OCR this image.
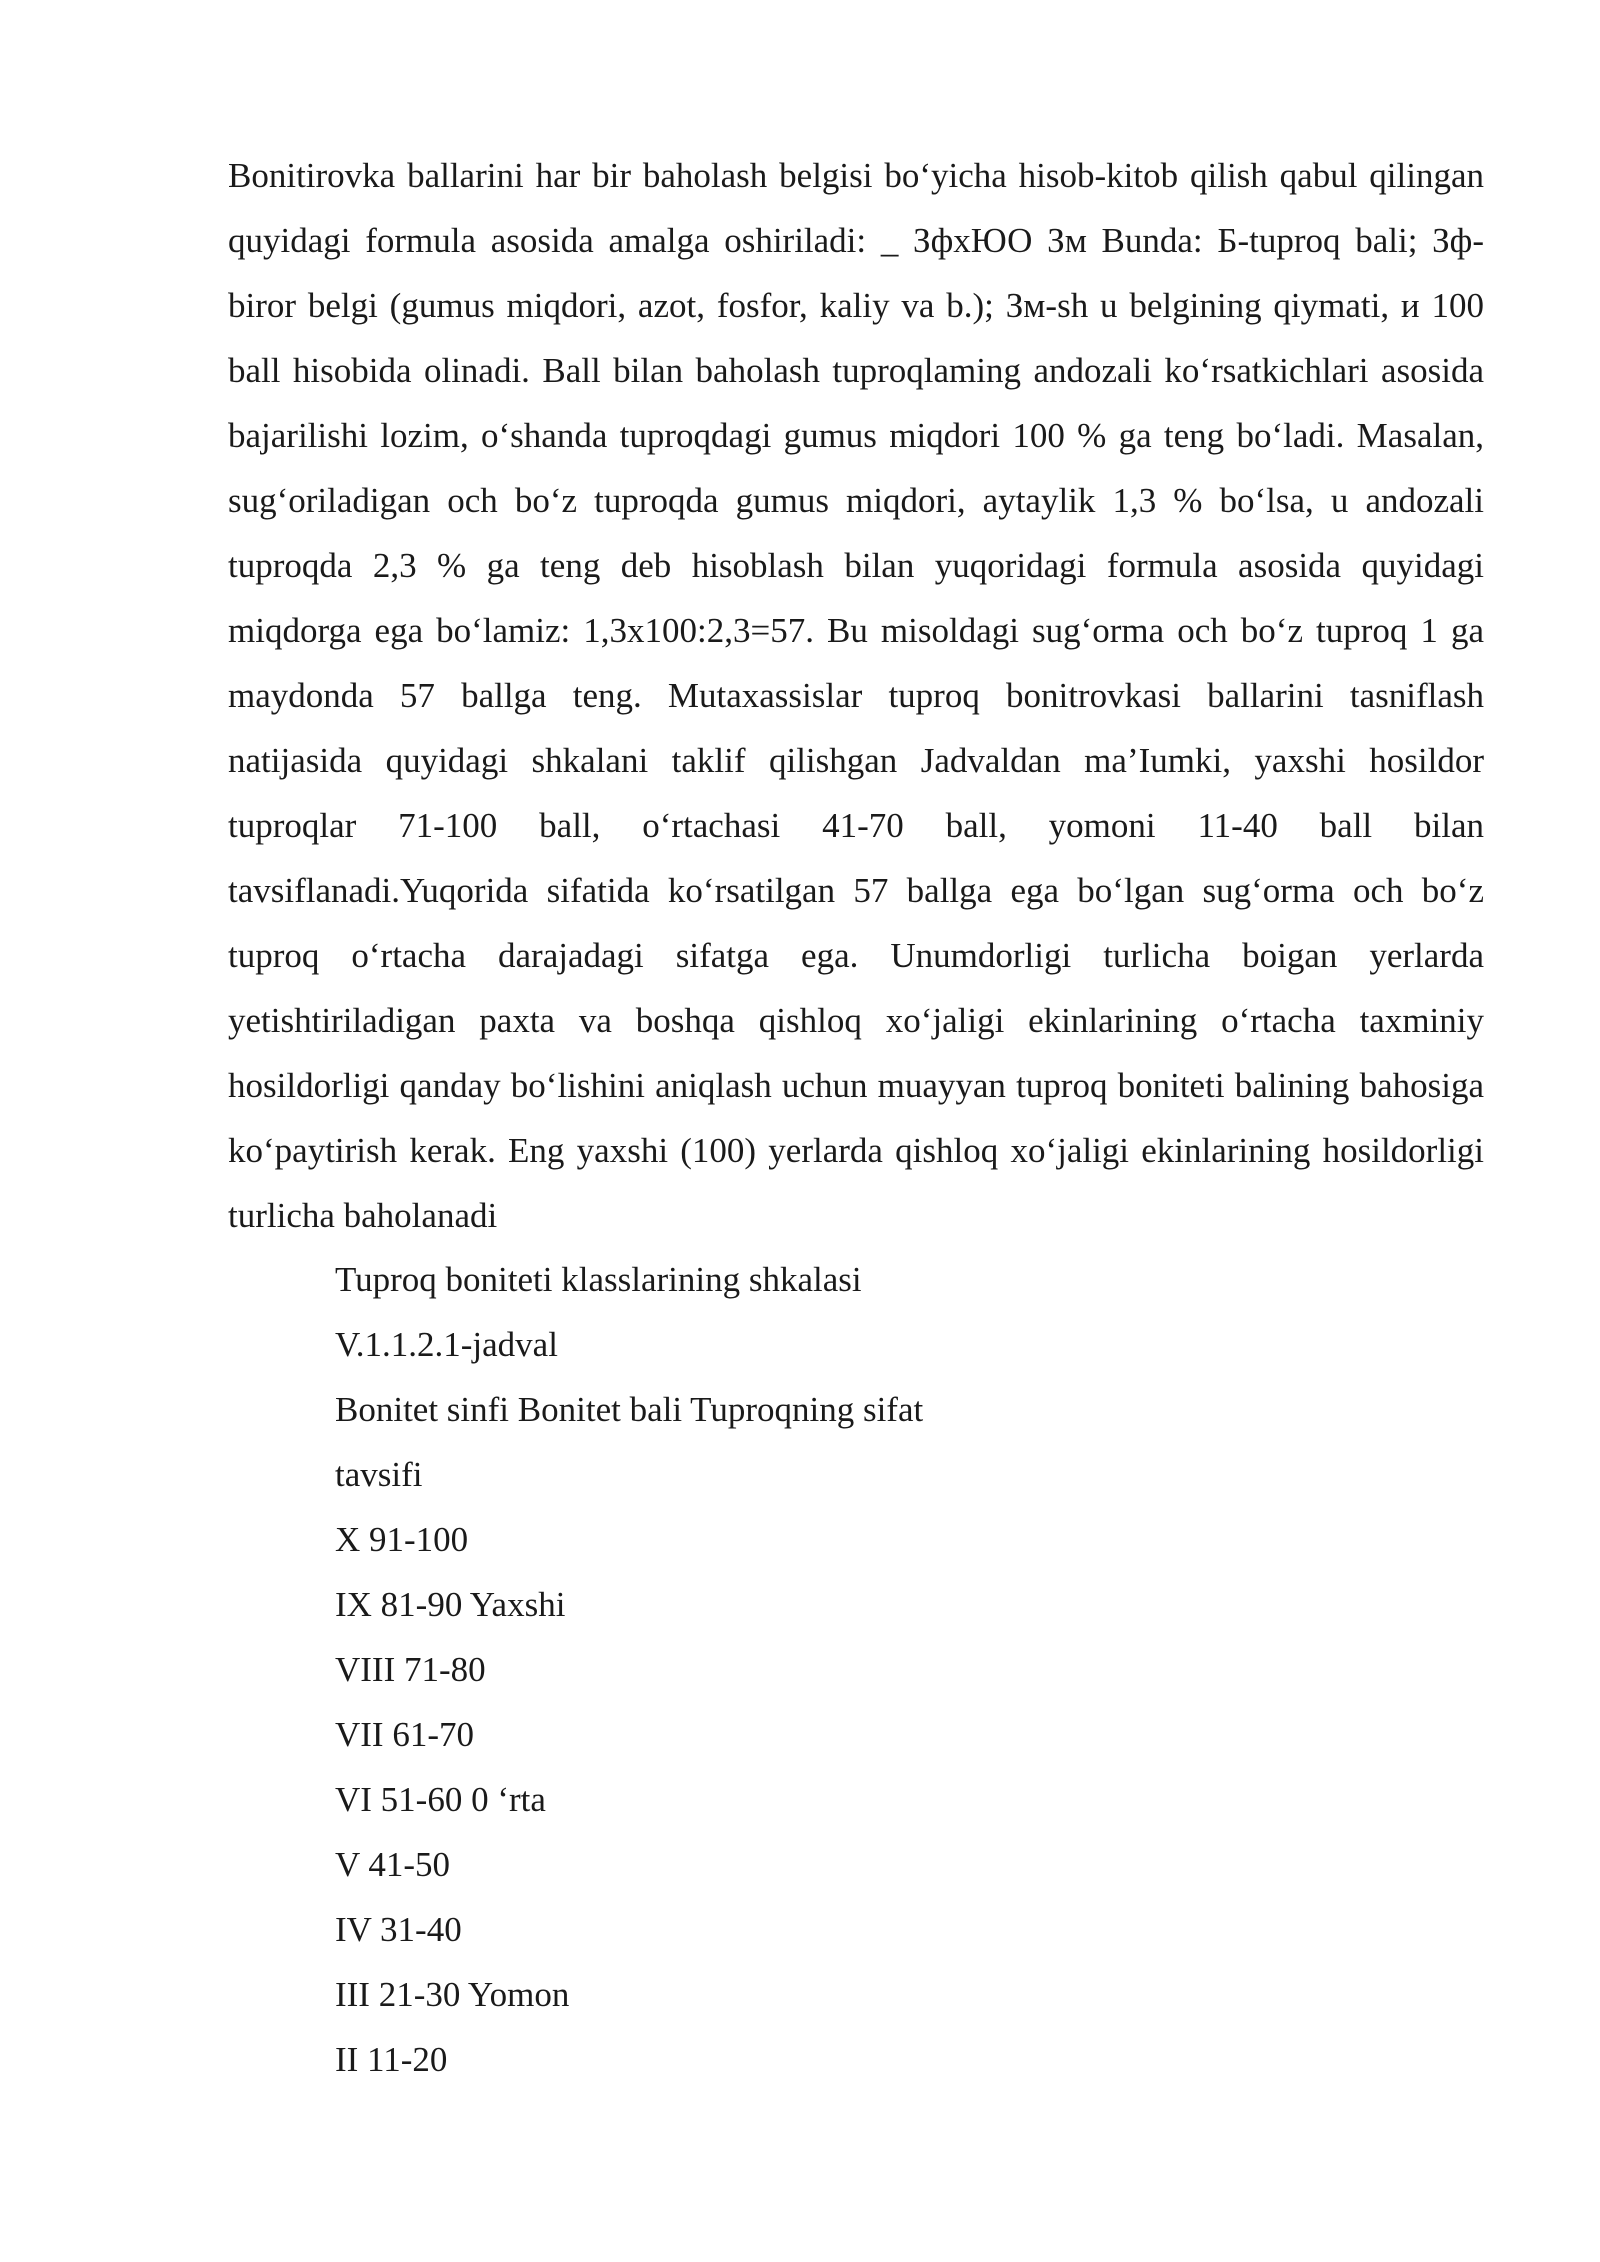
Bonitirovka ballarini har bir baholash belgisi bo‘yicha hisob-kitob qilish qabul qilingan quyidagi formula asosida amalga oshiriladi: _ ЗфхЮО Зм Bunda: Б-tuproq bali; Зф-biror belgi (gumus miqdori, azot, fosfor, kaliy va b.); Зм-sh u belgining qiymati, и 100 ball hisobida olinadi. Ball bilan baholash tuproqlaming andozali ko‘rsatkichlari asosida bajarilishi lozim, o‘shanda tuproqdagi gumus miqdori 100 % ga teng bo‘ladi. Masalan, sug‘oriladigan och bo‘z tuproqda gumus miqdori, aytaylik 1,3 % bo‘lsa, u andozali tuproqda 2,3 % ga teng deb hisoblash bilan yuqoridagi formula asosida quyidagi miqdorga ega bo‘lamiz: 1,3x100:2,3=57. Bu misoldagi sug‘orma och bo‘z tuproq 1 ga maydonda 57 ballga teng. Mutaxassislar tuproq bonitrovkasi ballarini tasniflash natijasida quyidagi shkalani taklif qilishgan Jadvaldan ma’Iumki, yaxshi hosildor tuproqlar 71-100 ball, o‘rtachasi 41-70 ball, yomoni 11-40 ball bilan tavsiflanadi.Yuqorida sifatida ko‘rsatilgan 57 ballga ega bo‘lgan sug‘orma och bo‘z tuproq o‘rtacha darajadagi sifatga ega. Unumdorligi turlicha boigan yerlarda yetishtiriladigan paxta va boshqa qishloq xo‘jaligi ekinlarining o‘rtacha taxminiy hosildorligi qanday bo‘lishini aniqlash uchun muayyan tuproq boniteti balining bahosiga ko‘paytirish kerak. Eng yaxshi (100) yerlarda qishloq xo‘jaligi ekinlarining hosildorligi turlicha baholanadi

Tuproq boniteti klasslarining shkalasi
V.1.1.2.1-jadval
Bonitet sinfi Bonitet bali Tuproqning sifat
tavsifi
X 91-100
IX 81-90 Yaxshi
VIII 71-80
VII 61-70
VI 51-60 0 ‘rta
V 41-50
IV 31-40
III 21-30 Yomon
II 11-20
